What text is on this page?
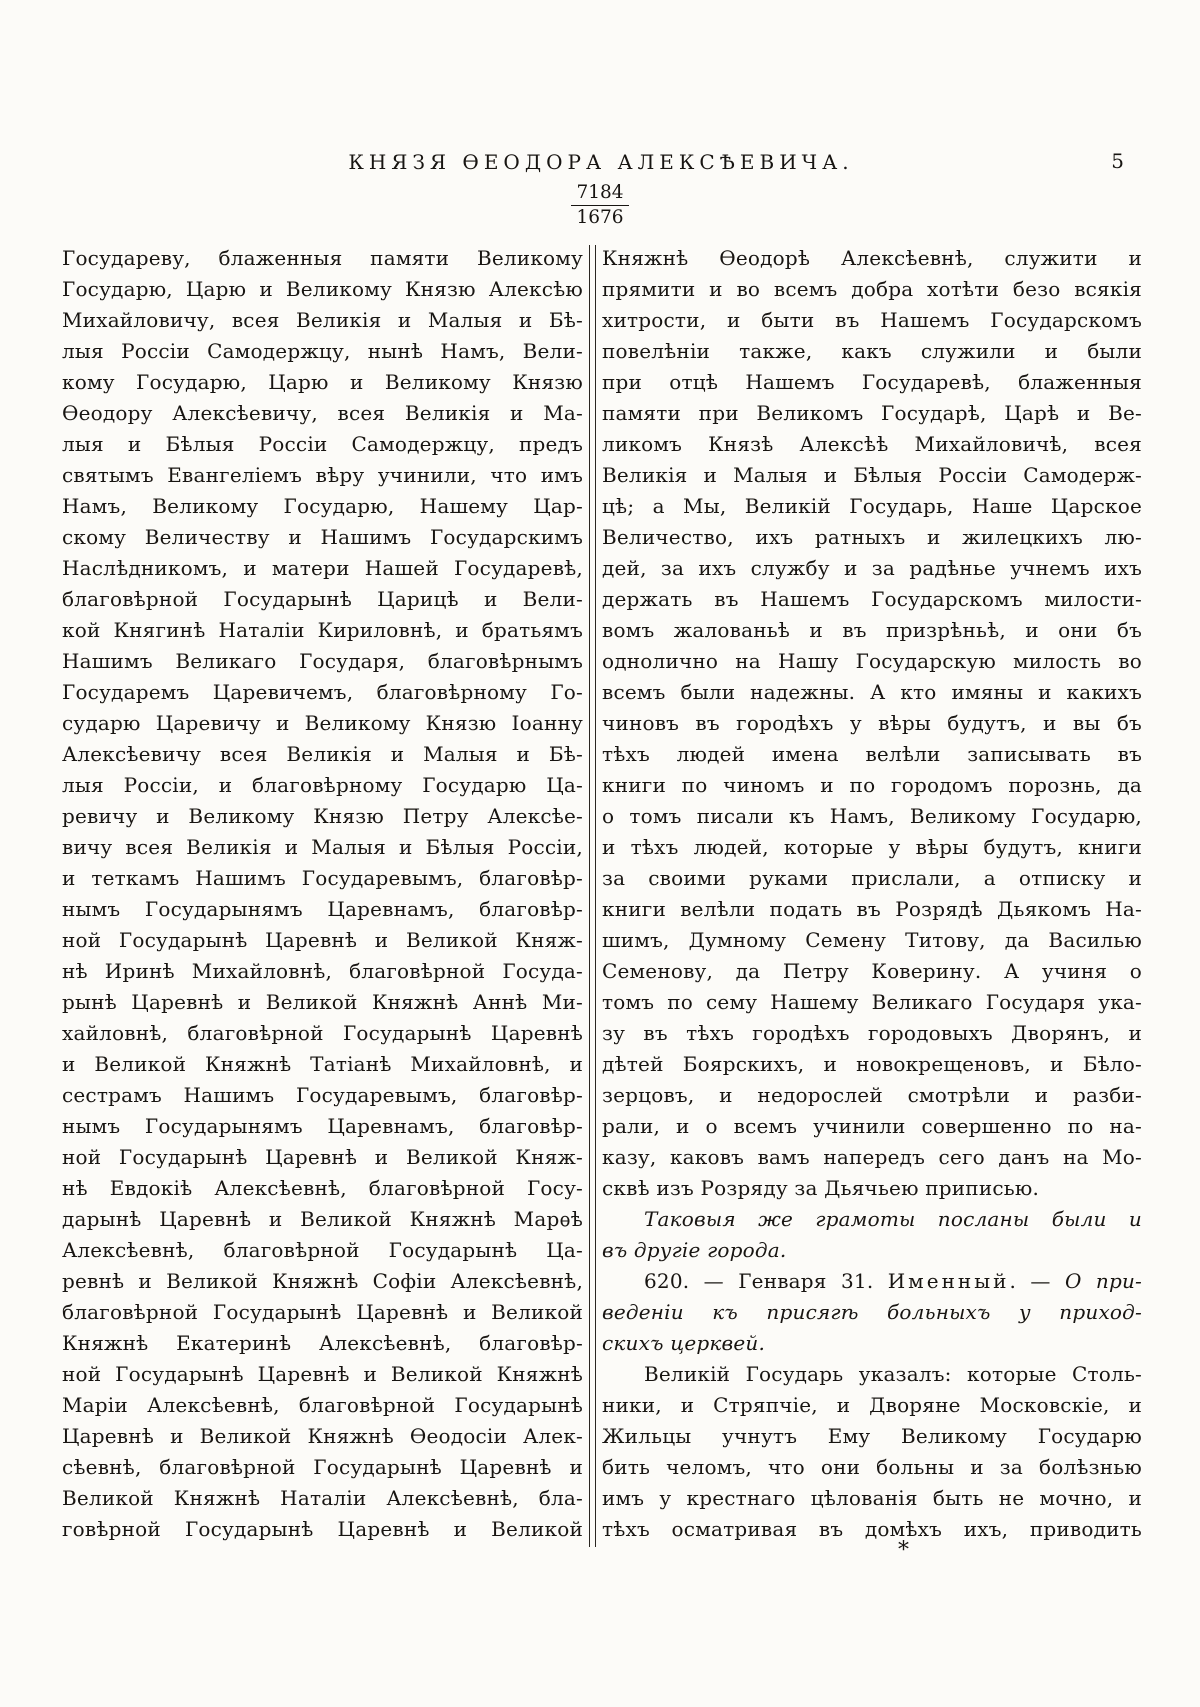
КНЯЗЯ ѲЕОДОРА АЛЕКСѢЕВИЧА.	5
$\frac{7184}{1676}$
Государеву, блаженныя памяти Великому
Государю, Царю и Великому Князю Алексѣю
Михайловичу, всея Великія и Малыя и Бѣ-
лыя Россіи Самодержцу, нынѣ Намъ, Вели-
кому Государю, Царю и Великому Князю
Ѳеодору Алексѣевичу, всея Великія и Ма-
лыя и Бѣлыя Россіи Самодержцу, предъ
святымъ Евангеліемъ вѣру учинили, что имъ
Намъ, Великому Государю, Нашему Цар-
скому Величеству и Нашимъ Государскимъ
Наслѣдникомъ, и матери Нашей Государевѣ,
благовѣрной Государынѣ Царицѣ и Вели-
кой Княгинѣ Наталіи Кириловнѣ, и братьямъ
Нашимъ Великаго Государя, благовѣрнымъ
Государемъ Царевичемъ, благовѣрному Го-
сударю Царевичу и Великому Князю Іоанну
Алексѣевичу всея Великія и Малыя и Бѣ-
лыя Россіи, и благовѣрному Государю Ца-
ревичу и Великому Князю Петру Алексѣе-
вичу всея Великія и Малыя и Бѣлыя Россіи,
и теткамъ Нашимъ Государевымъ, благовѣр-
нымъ Государынямъ Царевнамъ, благовѣр-
ной Государынѣ Царевнѣ и Великой Княж-
нѣ Иринѣ Михайловнѣ, благовѣрной Госуда-
рынѣ Царевнѣ и Великой Княжнѣ Аннѣ Ми-
хайловнѣ, благовѣрной Государынѣ Царевнѣ
и Великой Княжнѣ Татіанѣ Михайловнѣ, и
сестрамъ Нашимъ Государевымъ, благовѣр-
нымъ Государынямъ Царевнамъ, благовѣр-
ной Государынѣ Царевнѣ и Великой Княж-
нѣ Евдокіѣ Алексѣевнѣ, благовѣрной Госу-
дарынѣ Царевнѣ и Великой Княжнѣ Марѳѣ
Алексѣевнѣ, благовѣрной Государынѣ Ца-
ревнѣ и Великой Княжнѣ Софіи Алексѣевнѣ,
благовѣрной Государынѣ Царевнѣ и Великой
Княжнѣ Екатеринѣ Алексѣевнѣ, благовѣр-
ной Государынѣ Царевнѣ и Великой Княжнѣ
Маріи Алексѣевнѣ, благовѣрной Государынѣ
Царевнѣ и Великой Княжнѣ Ѳеодосіи Алек-
сѣевнѣ, благовѣрной Государынѣ Царевнѣ и
Великой Княжнѣ Наталіи Алексѣевнѣ, бла-
говѣрной Государынѣ Царевнѣ и Великой
Княжнѣ Ѳеодорѣ Алексѣевнѣ, служити и
прямити и во всемъ добра хотѣти безо всякія
хитрости, и быти въ Нашемъ Государскомъ
повелѣніи также, какъ служили и были
при отцѣ Нашемъ Государевѣ, блаженныя
памяти при Великомъ Государѣ, Царѣ и Ве-
ликомъ Князѣ Алексѣѣ Михайловичѣ, всея
Великія и Малыя и Бѣлыя Россіи Самодерж-
цѣ; а Мы, Великій Государь, Наше Царское
Величество, ихъ ратныхъ и жилецкихъ лю-
дей, за ихъ службу и за радѣнье учнемъ ихъ
держать въ Нашемъ Государскомъ милости-
вомъ жалованьѣ и въ призрѣньѣ, и они бъ
однолично на Нашу Государскую милость во
всемъ были надежны. А кто имяны и какихъ
чиновъ въ городѣхъ у вѣры будутъ, и вы бъ
тѣхъ людей имена велѣли записывать въ
книги по чиномъ и по городомъ порознь, да
о томъ писали къ Намъ, Великому Государю,
и тѣхъ людей, которые у вѣры будутъ, книги
за своими руками прислали, а отписку и
книги велѣли подать въ Розрядѣ Дьякомъ На-
шимъ, Думному Семену Титову, да Василью
Семенову, да Петру Коверину. А учиня о
томъ по сему Нашему Великаго Государя ука-
зу въ тѣхъ городѣхъ городовыхъ Дворянъ, и
дѣтей Боярскихъ, и новокрещеновъ, и Бѣло-
зерцовъ, и недорослей смотрѣли и разби-
рали, и о всемъ учинили совершенно по на-
казу, каковъ вамъ напередъ сего данъ на Мо-
сквѣ изъ Розряду за Дьячьею приписью.
Таковыя же грамоты посланы были и
въ другіе города.
620. — Генваря 31. Именный. — О при-
веденіи къ присягѣ больныхъ у приход-
скихъ церквей.
Великій Государь указалъ: которые Столь-
ники, и Стряпчіе, и Дворяне Московскіе, и
Жильцы учнутъ Ему Великому Государю
бить челомъ, что они больны и за болѣзнью
имъ у крестнаго цѣлованія быть не мочно, и
тѣхъ осматривая въ домѣхъ ихъ, приводить
*
